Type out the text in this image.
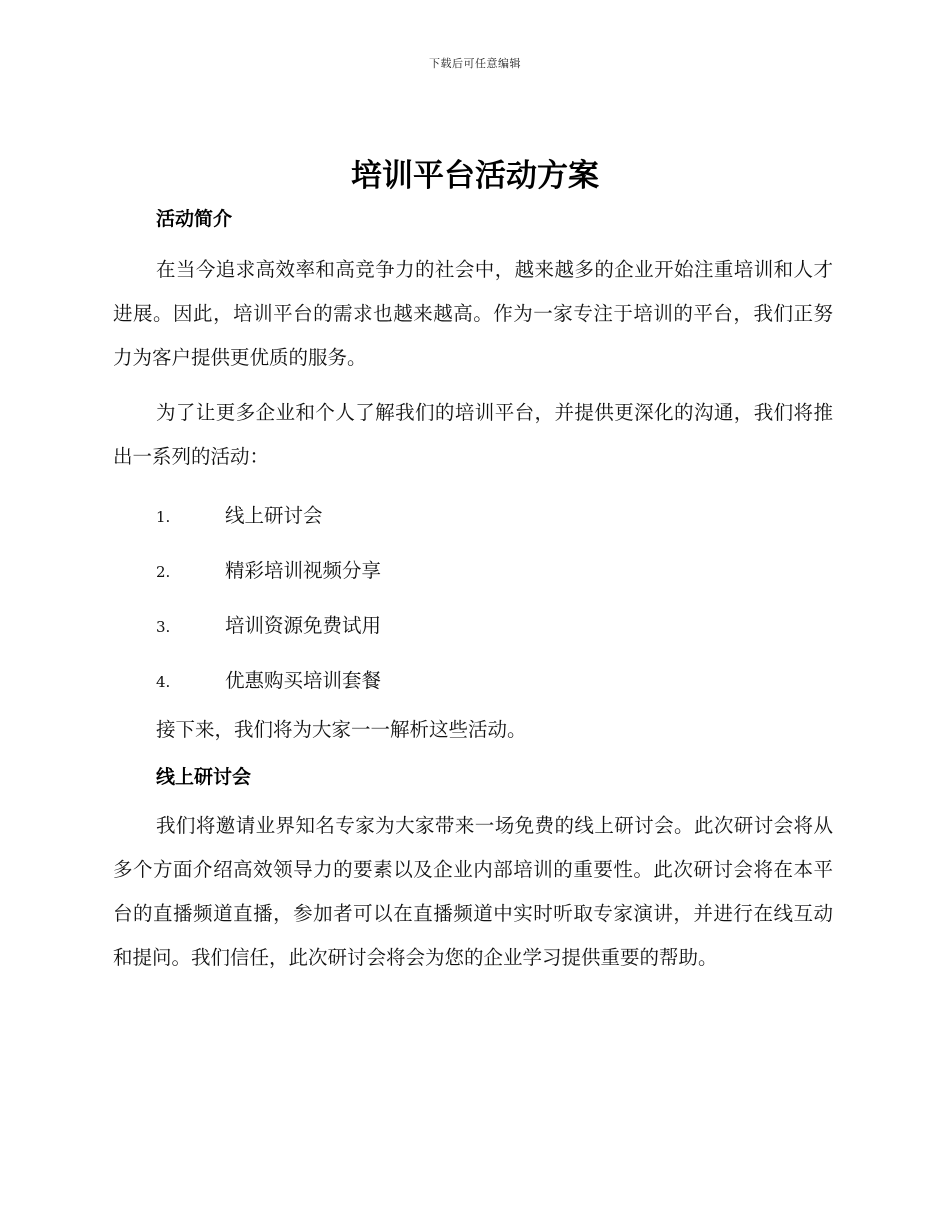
下载后可任意编辑
培训平台活动方案
活动简介

在当今追求高效率和高竞争力的社会中，越来越多的企业开始注重培训和人才进展。因此，培训平台的需求也越来越高。作为一家专注于培训的平台，我们正努力为客户提供更优质的服务。

为了让更多企业和个人了解我们的培训平台，并提供更深化的沟通，我们将推出一系列的活动：

1.	线上研讨会
2.	精彩培训视频分享
3.	培训资源免费试用
4.	优惠购买培训套餐

接下来，我们将为大家一一解析这些活动。

线上研讨会

我们将邀请业界知名专家为大家带来一场免费的线上研讨会。此次研讨会将从多个方面介绍高效领导力的要素以及企业内部培训的重要性。此次研讨会将在本平台的直播频道直播，参加者可以在直播频道中实时听取专家演讲，并进行在线互动和提问。我们信任，此次研讨会将会为您的企业学习提供重要的帮助。
